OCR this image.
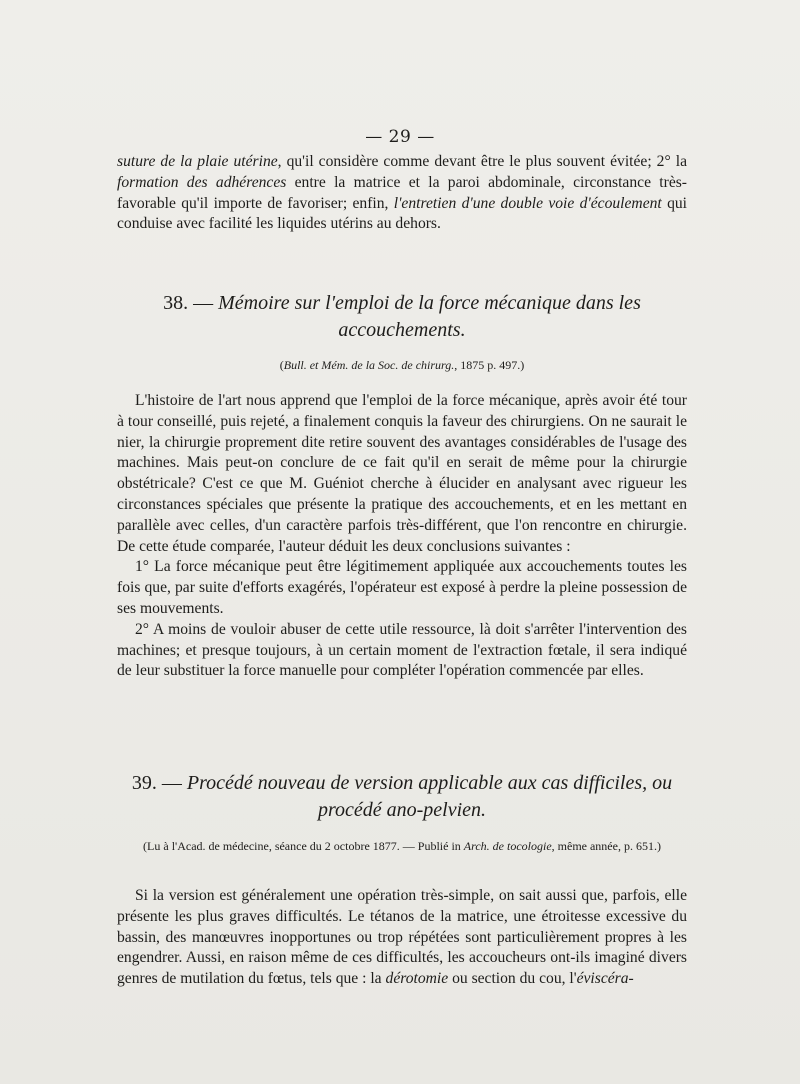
— 29 —
suture de la plaie utérine, qu'il considère comme devant être le plus souvent évitée; 2° la formation des adhérences entre la matrice et la paroi abdominale, circonstance très-favorable qu'il importe de favoriser; enfin, l'entretien d'une double voie d'écoulement qui conduise avec facilité les liquides utérins au dehors.
38. — Mémoire sur l'emploi de la force mécanique dans les accouchements.
(Bull. et Mém. de la Soc. de chirurg., 1875 p. 497.)

L'histoire de l'art nous apprend que l'emploi de la force mécanique, après avoir été tour à tour conseillé, puis rejeté, a finalement conquis la faveur des chirurgiens. On ne saurait le nier, la chirurgie proprement dite retire souvent des avantages considérables de l'usage des machines. Mais peut-on conclure de ce fait qu'il en serait de même pour la chirurgie obstétricale? C'est ce que M. Guéniot cherche à élucider en analysant avec rigueur les circonstances spéciales que présente la pratique des accouchements, et en les mettant en parallèle avec celles, d'un caractère parfois très-différent, que l'on rencontre en chirurgie. De cette étude comparée, l'auteur déduit les deux conclusions suivantes :

1° La force mécanique peut être légitimement appliquée aux accouchements toutes les fois que, par suite d'efforts exagérés, l'opérateur est exposé à perdre la pleine possession de ses mouvements.

2° A moins de vouloir abuser de cette utile ressource, là doit s'arrêter l'intervention des machines; et presque toujours, à un certain moment de l'extraction fœtale, il sera indiqué de leur substituer la force manuelle pour compléter l'opération commencée par elles.

39. — Procédé nouveau de version applicable aux cas difficiles, ou procédé ano-pelvien.
(Lu à l'Acad. de médecine, séance du 2 octobre 1877. — Publié in Arch. de tocologie, même année, p. 651.)

Si la version est généralement une opération très-simple, on sait aussi que, parfois, elle présente les plus graves difficultés. Le tétanos de la matrice, une étroitesse excessive du bassin, des manœuvres inopportunes ou trop répétées sont particulièrement propres à les engendrer. Aussi, en raison même de ces difficultés, les accoucheurs ont-ils imaginé divers genres de mutilation du fœtus, tels que : la dérotomie ou section du cou, l'éviscéra-
